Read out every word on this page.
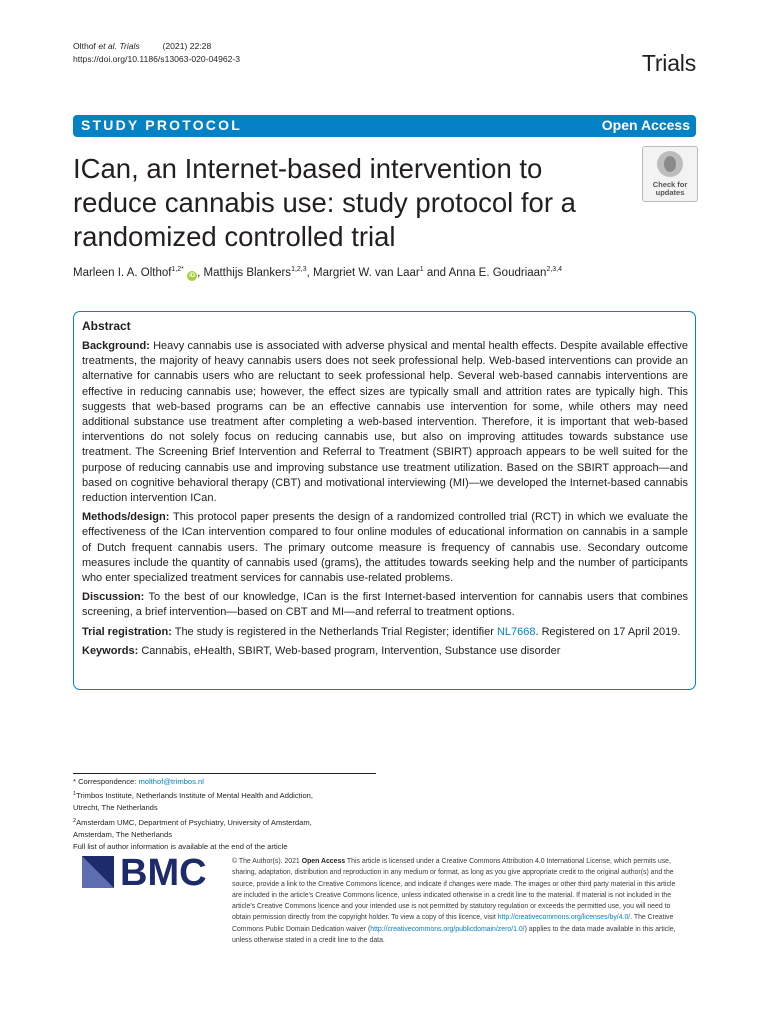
Olthof et al. Trials	(2021) 22:28
https://doi.org/10.1186/s13063-020-04962-3	Trials
STUDY PROTOCOL	Open Access
ICan, an Internet-based intervention to
reduce cannabis use: study protocol for a
randomized controlled trial
Check for
updates
Marleen I. A. Olthof$^{1,2*}$ iD , Matthijs Blankers$^{1,2,3}$, Margriet W. van Laar$^1$ and Anna E. Goudriaan$^{2,3,4}$
Abstract
Background: Heavy cannabis use is associated with adverse physical and mental health effects. Despite available effective treatments, the majority of heavy cannabis users does not seek professional help. Web-based interventions can provide an alternative for cannabis users who are reluctant to seek professional help. Several web-based cannabis interventions are effective in reducing cannabis use; however, the effect sizes are typically small and attrition rates are typically high. This suggests that web-based programs can be an effective cannabis use intervention for some, while others may need additional substance use treatment after completing a web-based intervention. Therefore, it is important that web-based interventions do not solely focus on reducing cannabis use, but also on improving attitudes towards substance use treatment. The Screening Brief Intervention and Referral to Treatment (SBIRT) approach appears to be well suited for the purpose of reducing cannabis use and improving substance use treatment utilization. Based on the SBIRT approach—and based on cognitive behavioral therapy (CBT) and motivational interviewing (MI)—we developed the Internet-based cannabis reduction intervention ICan.
Methods/design: This protocol paper presents the design of a randomized controlled trial (RCT) in which we evaluate the effectiveness of the ICan intervention compared to four online modules of educational information on cannabis in a sample of Dutch frequent cannabis users. The primary outcome measure is frequency of cannabis use. Secondary outcome measures include the quantity of cannabis used (grams), the attitudes towards seeking help and the number of participants who enter specialized treatment services for cannabis use-related problems.
Discussion: To the best of our knowledge, ICan is the first Internet-based intervention for cannabis users that combines screening, a brief intervention—based on CBT and MI—and referral to treatment options.
Trial registration: The study is registered in the Netherlands Trial Register; identifier NL7668. Registered on 17 April 2019.
Keywords: Cannabis, eHealth, SBIRT, Web-based program, Intervention, Substance use disorder
* Correspondence: molthof@trimbos.nl
$^1$Trimbos Institute, Netherlands Institute of Mental Health and Addiction,
Utrecht, The Netherlands
$^2$Amsterdam UMC, Department of Psychiatry, University of Amsterdam,
Amsterdam, The Netherlands
Full list of author information is available at the end of the article
BMC	© The Author(s). 2021 Open Access This article is licensed under a Creative Commons Attribution 4.0 International License, which permits use, sharing, adaptation, distribution and reproduction in any medium or format, as long as you give appropriate credit to the original author(s) and the source, provide a link to the Creative Commons licence, and indicate if changes were made. The images or other third party material in this article are included in the article's Creative Commons licence, unless indicated otherwise in a credit line to the material. If material is not included in the article's Creative Commons licence and your intended use is not permitted by statutory regulation or exceeds the permitted use, you will need to obtain permission directly from the copyright holder. To view a copy of this licence, visit http://creativecommons.org/licenses/by/4.0/. The Creative Commons Public Domain Dedication waiver (http://creativecommons.org/publicdomain/zero/1.0/) applies to the data made available in this article, unless otherwise stated in a credit line to the data.
